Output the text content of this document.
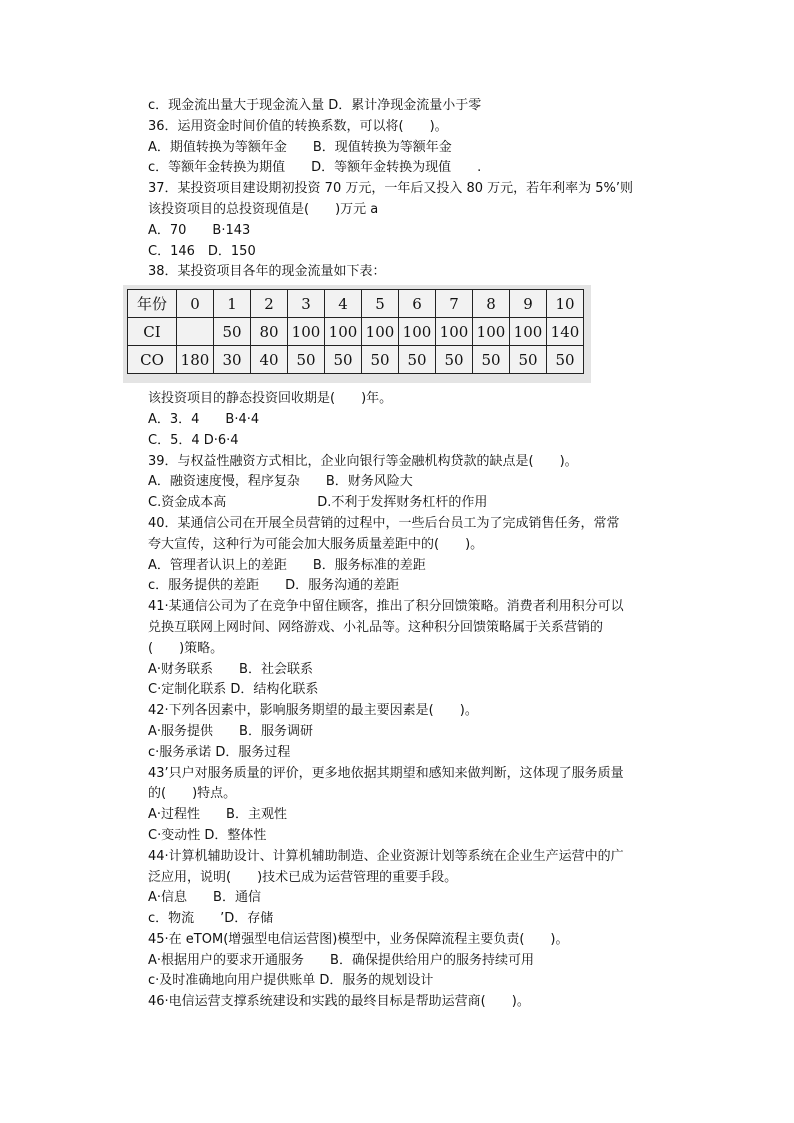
c．现金流出量大于现金流入量 D．累计净现金流量小于零
36．运用资金时间价值的转换系数，可以将(　　)。
A．期值转换为等额年金　　B．现值转换为等额年金
c．等额年金转换为期值　　D．等额年金转换为现值　　.
37．某投资项目建设期初投资 70 万元，一年后又投入 80 万元，若年利率为 5%’则
该投资项目的总投资现值是(　　)万元 a
A．70　　B·143
C．146　D．150
38．某投资项目各年的现金流量如下表：
年份	0	1	2	3	4	5	6	7	8	9	10
CI		50	80	100	100	100	100	100	100	100	140
CO	180	30	40	50	50	50	50	50	50	50	50
该投资项目的静态投资回收期是(　　)年。
A．3．4　　B·4·4
C．5．4 D·6·4
39．与权益性融资方式相比，企业向银行等金融机构贷款的缺点是(　　)。
A．融资速度慢，程序复杂　　B．财务风险大
C.资金成本高　　　　　　　D.不利于发挥财务杠杆的作用
40．某通信公司在开展全员营销的过程中，一些后台员工为了完成销售任务，常常
夸大宣传，这种行为可能会加大服务质量差距中的(　　)。
A．管理者认识上的差距　　B．服务标准的差距
c．服务提供的差距　　D．服务沟通的差距
41·某通信公司为了在竞争中留住顾客，推出了积分回馈策略。消费者利用积分可以
兑换互联网上网时间、网络游戏、小礼品等。这种积分回馈策略属于关系营销的
(　　)策略。
A·财务联系　　B．社会联系
C·定制化联系 D．结构化联系
42·下列各因素中，影响服务期望的最主要因素是(　　)。
A·服务提供　　B．服务调研
c·服务承诺 D．服务过程
43’只户对服务质量的评价，更多地依据其期望和感知来做判断，这体现了服务质量
的(　　)特点。
A·过程性　　B．主观性
C·变动性 D．整体性
44·计算机辅助设计、计算机辅助制造、企业资源计划等系统在企业生产运营中的广
泛应用，说明(　　)技术已成为运营管理的重要手段。
A·信息　　B．通信
c．物流　　’D．存储
45·在 eTOM(增强型电信运营图)模型中，业务保障流程主要负责(　　)。
A·根据用户的要求开通服务　　B．确保提供给用户的服务持续可用
c·及时准确地向用户提供账单 D．服务的规划设计
46·电信运营支撑系统建设和实践的最终目标是帮助运营商(　　)。
